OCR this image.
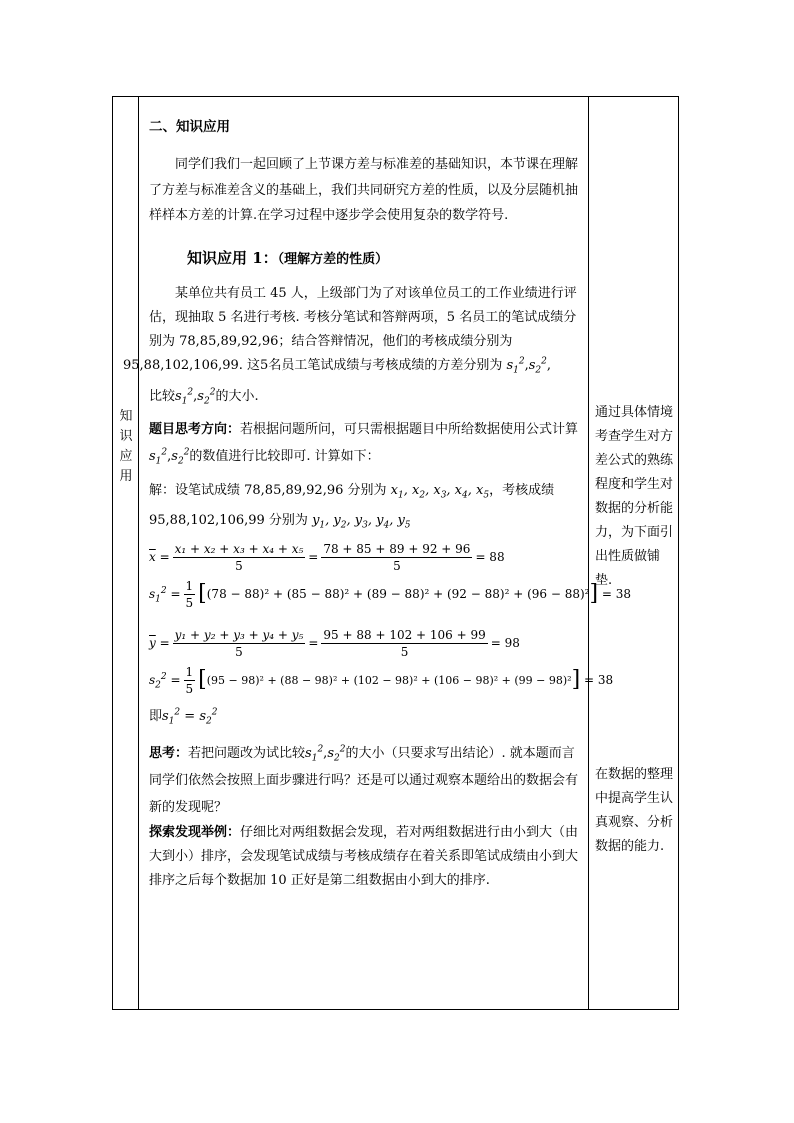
知识应用
二、知识应用

同学们我们一起回顾了上节课方差与标准差的基础知识，本节课在理解了方差与标准差含义的基础上，我们共同研究方差的性质，以及分层随机抽样样本方差的计算.在学习过程中逐步学会使用复杂的数学符号.

知识应用 1：（理解方差的性质）

某单位共有员工 45 人，上级部门为了对该单位员工的工作业绩进行评估，现抽取 5 名进行考核. 考核分笔试和答辩两项，5 名员工的笔试成绩分别为 78,85,89,92,96；结合答辩情况，他们的考核成绩分别为
95,88,102,106,99. 这5名员工笔试成绩与考核成绩的方差分别为 $s_1^2,s_2^2$,

比较$s_1^2,s_2^2$的大小.

题目思考方向：若根据问题所问，可只需根据题目中所给数据使用公式计算$s_1^2,s_2^2$的数值进行比较即可. 计算如下：

解：设笔试成绩 78,85,89,92,96 分别为 $x_1$, $x_2$, $x_3$, $x_4$, $x_5$，考核成绩

95,88,102,106,99 分别为 $y_1$, $y_2$, $y_3$, $y_4$, $y_5$

$\overline{x} = \frac{\text{x₁ + x₂ + x₃ + x₄ + x₅}}{5} = \frac{78 + 85 + 89 + 92 + 96}{5} = 88$
$s_1^2 = \frac{1}{5}$ [ (78 − 88)² + (85 − 88)² + (89 − 88)² + (92 − 88)² + (96 − 88)² ]
= 38
$\overline{y} = \frac{\text{y₁ + y₂ + y₃ + y₄ + y₅}}{5} = \frac{95 + 88 + 102 + 106 + 99}{5} = 98$
$s_2^2 = \frac{1}{5}$ [ (95 − 98)² + (88 − 98)² + (102 − 98)² + (106 − 98)² + (99 − 98)² ]
= 38

即$s_1^2 = s_2^2$

思考：若把问题改为试比较$s_1^2,s_2^2$的大小（只要求写出结论）. 就本题而言同学们依然会按照上面步骤进行吗？还是可以通过观察本题给出的数据会有新的发现呢？

探索发现举例：仔细比对两组数据会发现，若对两组数据进行由小到大（由大到小）排序，会发现笔试成绩与考核成绩存在着关系即笔试成绩由小到大排序之后每个数据加 10 正好是第二组数据由小到大的排序.

通过具体情境考查学生对方差公式的熟练程度和学生对数据的分析能力，为下面引出性质做铺垫.
在数据的整理中提高学生认真观察、分析数据的能力.
